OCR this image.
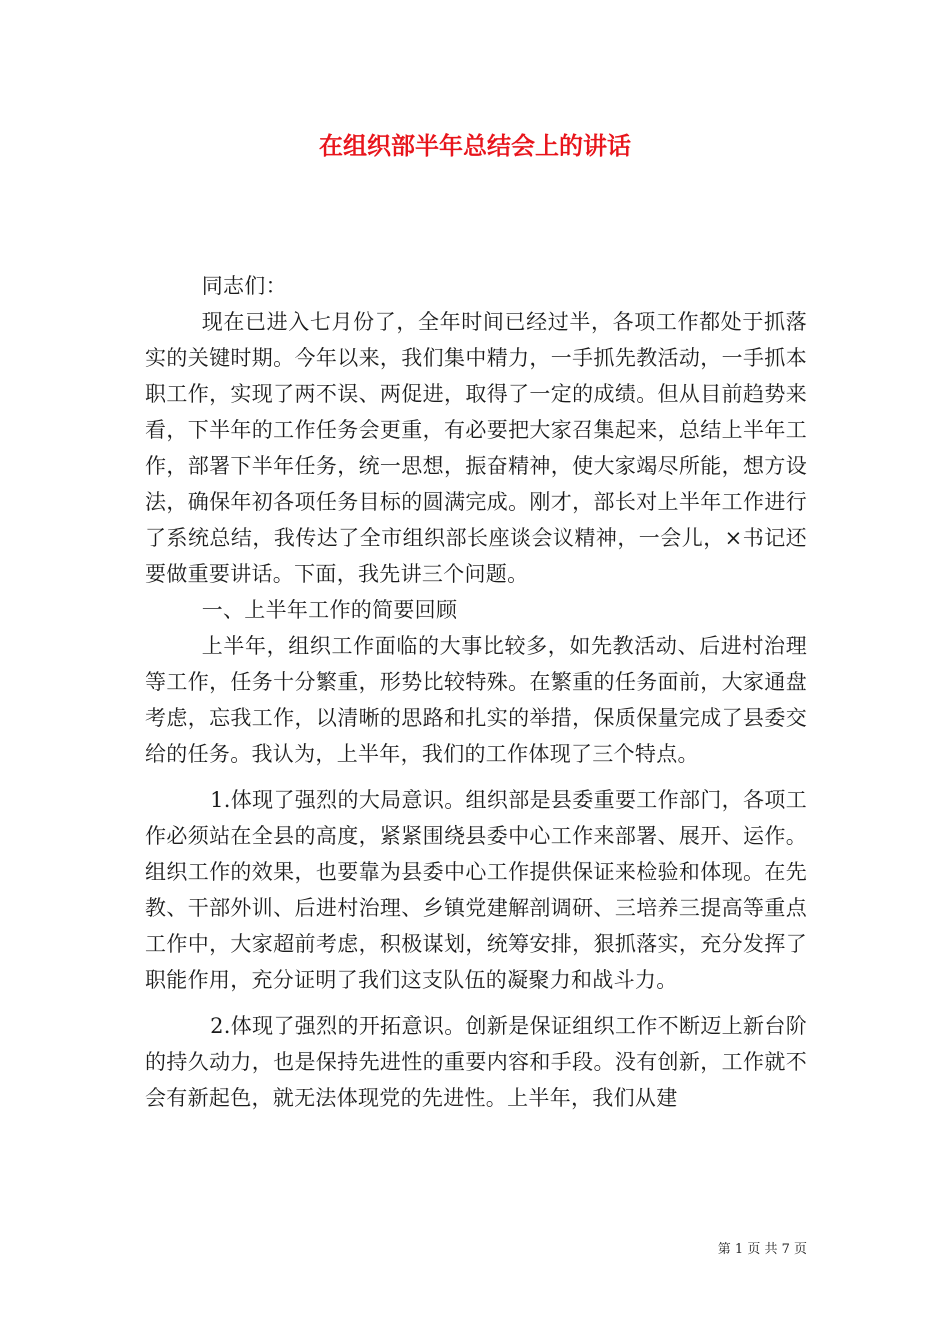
在组织部半年总结会上的讲话

同志们：

现在已进入七月份了，全年时间已经过半，各项工作都处于抓落实的关键时期。今年以来，我们集中精力，一手抓先教活动，一手抓本职工作，实现了两不误、两促进，取得了一定的成绩。但从目前趋势来看，下半年的工作任务会更重，有必要把大家召集起来，总结上半年工作，部署下半年任务，统一思想，振奋精神，使大家竭尽所能，想方设法，确保年初各项任务目标的圆满完成。刚才，部长对上半年工作进行了系统总结，我传达了全市组织部长座谈会议精神，一会儿，×书记还要做重要讲话。下面，我先讲三个问题。

一、上半年工作的简要回顾

上半年，组织工作面临的大事比较多，如先教活动、后进村治理等工作，任务十分繁重，形势比较特殊。在繁重的任务面前，大家通盘考虑，忘我工作，以清晰的思路和扎实的举措，保质保量完成了县委交给的任务。我认为，上半年，我们的工作体现了三个特点。

1.体现了强烈的大局意识。组织部是县委重要工作部门，各项工作必须站在全县的高度，紧紧围绕县委中心工作来部署、展开、运作。组织工作的效果，也要靠为县委中心工作提供保证来检验和体现。在先教、干部外训、后进村治理、乡镇党建解剖调研、三培养三提高等重点工作中，大家超前考虑，积极谋划，统筹安排，狠抓落实，充分发挥了职能作用，充分证明了我们这支队伍的凝聚力和战斗力。

2.体现了强烈的开拓意识。创新是保证组织工作不断迈上新台阶的持久动力，也是保持先进性的重要内容和手段。没有创新，工作就不会有新起色，就无法体现党的先进性。上半年，我们从建

第 1 页 共 7 页
